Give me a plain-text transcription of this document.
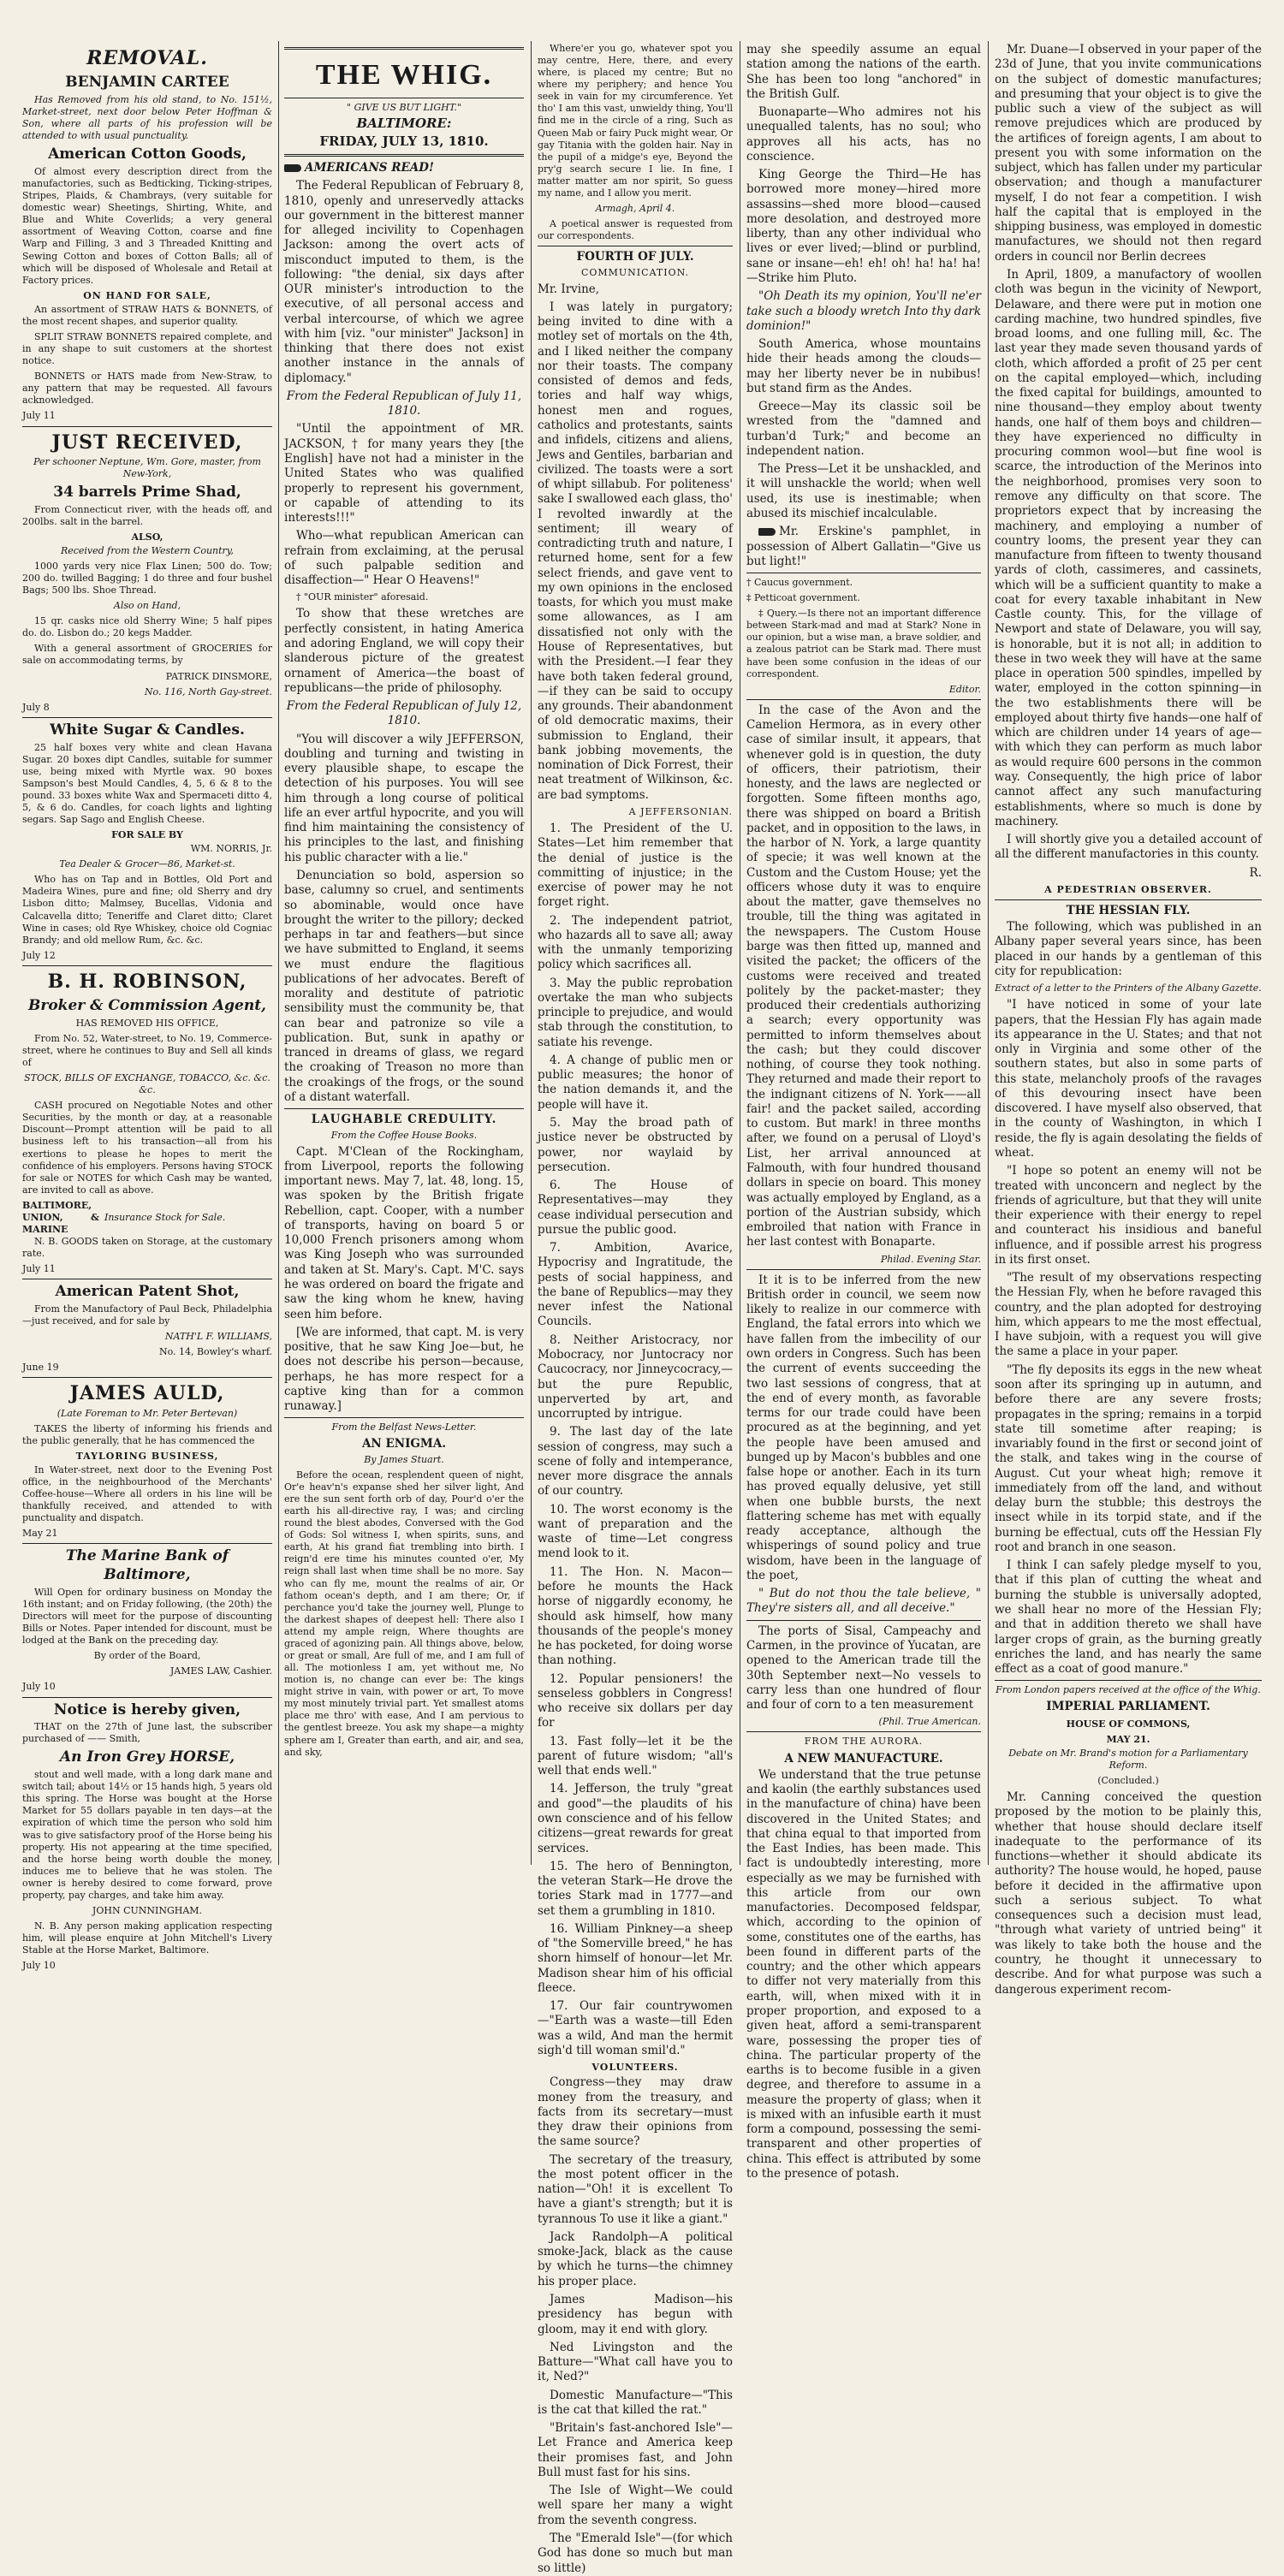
REMOVAL.
BENJAMIN CARTEE

Has Removed from his old stand, to No. 151½, Market-street, next door below Peter Hoffman & Son, where all parts of his profession will be attended to with usual punctuality.

American Cotton Goods,

Of almost every description direct from the manufactories, such as Bedticking, Ticking-stripes, Stripes, Plaids, & Chambrays, (very suitable for domestic wear) Sheetings, Shirting, White, and Blue and White Coverlids; a very general assortment of Weaving Cotton, coarse and fine Warp and Filling, 3 and 3 Threaded Knitting and Sewing Cotton and boxes of Cotton Balls; all of which will be disposed of Wholesale and Retail at Factory prices.

ON HAND FOR SALE,

An assortment of STRAW HATS & BONNETS, of the most recent shapes, and superior quality.

SPLIT STRAW BONNETS repaired complete, and in any shape to suit customers at the shortest notice.

BONNETS or HATS made from New-Straw, to any pattern that may be requested. All favours acknowledged.

July 11

JUST RECEIVED,

Per schooner Neptune, Wm. Gore, master, from New-York,

34 barrels Prime Shad,

From Connecticut river, with the heads off, and 200lbs. salt in the barrel.

ALSO,

Received from the Western Country,

1000 yards very nice Flax Linen; 500 do. Tow; 200 do. twilled Bagging; 1 do three and four bushel Bags; 500 lbs. Shoe Thread.

Also on Hand,

15 qr. casks nice old Sherry Wine; 5 half pipes do. do. Lisbon do.; 20 kegs Madder.

With a general assortment of GROCERIES for sale on accommodating terms, by

PATRICK DINSMORE,

No. 116, North Gay-street.

July 8

White Sugar & Candles.

25 half boxes very white and clean Havana Sugar. 20 boxes dipt Candles, suitable for summer use, being mixed with Myrtle wax. 90 boxes Sampson's best Mould Candles, 4, 5, 6 & 8 to the pound. 33 boxes white Wax and Spermaceti ditto 4, 5, & 6 do. Candles, for coach lights and lighting segars. Sap Sago and English Cheese.

FOR SALE BY

WM. NORRIS, Jr.

Tea Dealer & Grocer—86, Market-st.

Who has on Tap and in Bottles, Old Port and Madeira Wines, pure and fine; old Sherry and dry Lisbon ditto; Malmsey, Bucellas, Vidonia and Calcavella ditto; Teneriffe and Claret ditto; Claret Wine in cases; old Rye Whiskey, choice old Cogniac Brandy; and old mellow Rum, &c. &c.

July 12

B. H. ROBINSON,
Broker & Commission Agent,

HAS REMOVED HIS OFFICE,

From No. 52, Water-street, to No. 19, Commerce-street, where he continues to Buy and Sell all kinds of

STOCK, BILLS OF EXCHANGE, TOBACCO, &c. &c. &c.

CASH procured on Negotiable Notes and other Securities, by the month or day, at a reasonable Discount—Prompt attention will be paid to all business left to his transaction—all from his exertions to please he hopes to merit the confidence of his employers. Persons having STOCK for sale or NOTES for which Cash may be wanted, are invited to call as above.

BALTIMORE, UNION, & MARINE
Insurance Stock for Sale.

N. B. GOODS taken on Storage, at the customary rate.

July 11

American Patent Shot,

From the Manufactory of Paul Beck, Philadelphia—just received, and for sale by

NATH'L F. WILLIAMS,

No. 14, Bowley's wharf.

June 19

JAMES AULD,

(Late Foreman to Mr. Peter Bertevan)

TAKES the liberty of informing his friends and the public generally, that he has commenced the

TAYLORING BUSINESS,

In Water-street, next door to the Evening Post office, in the neighbourhood of the Merchants' Coffee-house—Where all orders in his line will be thankfully received, and attended to with punctuality and dispatch.

May 21

The Marine Bank of Baltimore,

Will Open for ordinary business on Monday the 16th instant; and on Friday following, (the 20th) the Directors will meet for the purpose of discounting Bills or Notes. Paper intended for discount, must be lodged at the Bank on the preceding day.

By order of the Board,

JAMES LAW, Cashier.

July 10

Notice is hereby given,

THAT on the 27th of June last, the subscriber purchased of —— Smith,

An Iron Grey HORSE,

stout and well made, with a long dark mane and switch tail; about 14½ or 15 hands high, 5 years old this spring. The Horse was bought at the Horse Market for 55 dollars payable in ten days—at the expiration of which time the person who sold him was to give satisfactory proof of the Horse being his property. His not appearing at the time specified, and the horse being worth double the money, induces me to believe that he was stolen. The owner is hereby desired to come forward, prove property, pay charges, and take him away.

JOHN CUNNINGHAM.

N. B. Any person making application respecting him, will please enquire at John Mitchell's Livery Stable at the Horse Market, Baltimore.

July 10

THE WHIG.
" GIVE US BUT LIGHT."
BALTIMORE:
FRIDAY, JULY 13, 1810.

AMERICANS READ!

The Federal Republican of February 8, 1810, openly and unreservedly attacks our government in the bitterest manner for alleged incivility to Copenhagen Jackson: among the overt acts of misconduct imputed to them, is the following: "the denial, six days after OUR minister's introduction to the executive, of all personal access and verbal intercourse, of which we agree with him [viz. "our minister" Jackson] in thinking that there does not exist another instance in the annals of diplomacy."

From the Federal Republican of July 11, 1810.

"Until the appointment of MR. JACKSON, † for many years they [the English] have not had a minister in the United States who was qualified properly to represent his government, or capable of attending to its interests!!!"

Who—what republican American can refrain from exclaiming, at the perusal of such palpable sedition and disaffection—" Hear O Heavens!"

† "OUR minister" aforesaid.

To show that these wretches are perfectly consistent, in hating America and adoring England, we will copy their slanderous picture of the greatest ornament of America—the boast of republicans—the pride of philosophy.

From the Federal Republican of July 12, 1810.

"You will discover a wily JEFFERSON, doubling and turning and twisting in every plausible shape, to escape the detection of his purposes. You will see him through a long course of political life an ever artful hypocrite, and you will find him maintaining the consistency of his principles to the last, and finishing his public character with a lie."

Denunciation so bold, aspersion so base, calumny so cruel, and sentiments so abominable, would once have brought the writer to the pillory; decked perhaps in tar and feathers—but since we have submitted to England, it seems we must endure the flagitious publications of her advocates. Bereft of morality and destitute of patriotic sensibility must the community be, that can bear and patronize so vile a publication. But, sunk in apathy or tranced in dreams of glass, we regard the croaking of Treason no more than the croakings of the frogs, or the sound of a distant waterfall.

LAUGHABLE CREDULITY.

From the Coffee House Books.

Capt. M'Clean of the Rockingham, from Liverpool, reports the following important news. May 7, lat. 48, long. 15, was spoken by the British frigate Rebellion, capt. Cooper, with a number of transports, having on board 5 or 10,000 French prisoners among whom was King Joseph who was surrounded and taken at St. Mary's. Capt. M'C. says he was ordered on board the frigate and saw the king whom he knew, having seen him before.

[We are informed, that capt. M. is very positive, that he saw King Joe—but, he does not describe his person—because, perhaps, he has more respect for a captive king than for a common runaway.]

From the Belfast News-Letter.

AN ENIGMA.

By James Stuart.

Before the ocean, resplendent queen of night, Or'e heav'n's expanse shed her silver light, And ere the sun sent forth orb of day, Pour'd o'er the earth his all-directive ray, I was; and circling round the blest abodes, Conversed with the God of Gods: Sol witness I, when spirits, suns, and earth, At his grand fiat trembling into birth. I reign'd ere time his minutes counted o'er, My reign shall last when time shall be no more. Say who can fly me, mount the realms of air, Or fathom ocean's depth, and I am there; Or, if perchance you'd take the journey well, Plunge to the darkest shapes of deepest hell: There also I attend my ample reign, Where thoughts are graced of agonizing pain. All things above, below, or great or small, Are full of me, and I am full of all. The motionless I am, yet without me, No motion is, no change can ever be: The kings might strive in vain, with power or art, To move my most minutely trivial part. Yet smallest atoms place me thro' with ease, And I am pervious to the gentlest breeze. You ask my shape—a mighty sphere am I, Greater than earth, and air, and sea, and sky,

Where'er you go, whatever spot you may centre, Here, there, and every where, is placed my centre; But no where my periphery; and hence You seek in vain for my circumference. Yet tho' I am this vast, unwieldy thing, You'll find me in the circle of a ring, Such as Queen Mab or fairy Puck might wear, Or gay Titania with the golden hair. Nay in the pupil of a midge's eye, Beyond the pry'g search secure I lie. In fine, I matter matter am nor spirit, So guess my name, and I allow you merit.

Armagh, April 4.

A poetical answer is requested from our correspondents.

FOURTH OF JULY.

COMMUNICATION.

Mr. Irvine,

I was lately in purgatory; being invited to dine with a motley set of mortals on the 4th, and I liked neither the company nor their toasts. The company consisted of demos and feds, tories and half way whigs, honest men and rogues, catholics and protestants, saints and infidels, citizens and aliens, Jews and Gentiles, barbarian and civilized. The toasts were a sort of whipt sillabub. For politeness' sake I swallowed each glass, tho' I revolted inwardly at the sentiment; ill weary of contradicting truth and nature, I returned home, sent for a few select friends, and gave vent to my own opinions in the enclosed toasts, for which you must make some allowances, as I am dissatisfied not only with the House of Representatives, but with the President.—I fear they have both taken federal ground,—if they can be said to occupy any grounds. Their abandonment of old democratic maxims, their submission to England, their bank jobbing movements, the nomination of Dick Forrest, their neat treatment of Wilkinson, &c. are bad symptoms.

A JEFFERSONIAN.

1. The President of the U. States—Let him remember that the denial of justice is the committing of injustice; in the exercise of power may he not forget right.

2. The independent patriot, who hazards all to save all; away with the unmanly temporizing policy which sacrifices all.

3. May the public reprobation overtake the man who subjects principle to prejudice, and would stab through the constitution, to satiate his revenge.

4. A change of public men or public measures; the honor of the nation demands it, and the people will have it.

5. May the broad path of justice never be obstructed by power, nor waylaid by persecution.

6. The House of Representatives—may they cease individual persecution and pursue the public good.

7. Ambition, Avarice, Hypocrisy and Ingratitude, the pests of social happiness, and the bane of Republics—may they never infest the National Councils.

8. Neither Aristocracy, nor Mobocracy, nor Juntocracy nor Caucocracy, nor Jinneycocracy,—but the pure Republic, unperverted by art, and uncorrupted by intrigue.

9. The last day of the late session of congress, may such a scene of folly and intemperance, never more disgrace the annals of our country.

10. The worst economy is the want of preparation and the waste of time—Let congress mend look to it.

11. The Hon. N. Macon—before he mounts the Hack horse of niggardly economy, he should ask himself, how many thousands of the people's money he has pocketed, for doing worse than nothing.

12. Popular pensioners! the senseless gobblers in Congress! who receive six dollars per day for

13. Fast folly—let it be the parent of future wisdom; "all's well that ends well."

14. Jefferson, the truly "great and good"—the plaudits of his own conscience and of his fellow citizens—great rewards for great services.

15. The hero of Bennington, the veteran Stark—He drove the tories Stark mad in 1777—and set them a grumbling in 1810.

16. William Pinkney—a sheep of "the Somerville breed," he has shorn himself of honour—let Mr. Madison shear him of his official fleece.

17. Our fair countrywomen—"Earth was a waste—till Eden was a wild, And man the hermit sigh'd till woman smil'd."

VOLUNTEERS.

Congress—they may draw money from the treasury, and facts from its secretary—must they draw their opinions from the same source?

The secretary of the treasury, the most potent officer in the nation—"Oh! it is excellent To have a giant's strength; but it is tyrannous To use it like a giant."

Jack Randolph—A political smoke-Jack, black as the cause by which he turns—the chimney his proper place.

James Madison—his presidency has begun with gloom, may it end with glory.

Ned Livingston and the Batture—"What call have you to it, Ned?"

Domestic Manufacture—"This is the cat that killed the rat."

"Britain's fast-anchored Isle"—Let France and America keep their promises fast, and John Bull must fast for his sins.

The Isle of Wight—We could well spare her many a wight from the seventh congress.

The "Emerald Isle"—(for which God has done so much but man so little)

may she speedily assume an equal station among the nations of the earth. She has been too long "anchored" in the British Gulf.

Buonaparte—Who admires not his unequalled talents, has no soul; who approves all his acts, has no conscience.

King George the Third—He has borrowed more money—hired more assassins—shed more blood—caused more desolation, and destroyed more liberty, than any other individual who lives or ever lived;—blind or purblind, sane or insane—eh! eh! oh! ha! ha! ha!—Strike him Pluto.

"Oh Death its my opinion, You'll ne'er take such a bloody wretch Into thy dark dominion!"

South America, whose mountains hide their heads among the clouds—may her liberty never be in nubibus! but stand firm as the Andes.

Greece—May its classic soil be wrested from the "damned and turban'd Turk;" and become an independent nation.

The Press—Let it be unshackled, and it will unshackle the world; when well used, its use is inestimable; when abused its mischief incalculable.

Mr. Erskine's pamphlet, in possession of Albert Gallatin—"Give us but light!"

† Caucus government.

‡ Petticoat government.

‡ Query.—Is there not an important difference between Stark-mad and mad at Stark? None in our opinion, but a wise man, a brave soldier, and a zealous patriot can be Stark mad. There must have been some confusion in the ideas of our correspondent.

Editor.

In the case of the Avon and the Camelion Hermora, as in every other case of similar insult, it appears, that whenever gold is in question, the duty of officers, their patriotism, their honesty, and the laws are neglected or forgotten. Some fifteen months ago, there was shipped on board a British packet, and in opposition to the laws, in the harbor of N. York, a large quantity of specie; it was well known at the Custom and the Custom House; yet the officers whose duty it was to enquire about the matter, gave themselves no trouble, till the thing was agitated in the newspapers. The Custom House barge was then fitted up, manned and visited the packet; the officers of the customs were received and treated politely by the packet-master; they produced their credentials authorizing a search; every opportunity was permitted to inform themselves about the cash; but they could discover nothing, of course they took nothing. They returned and made their report to the indignant citizens of N. York——all fair! and the packet sailed, according to custom. But mark! in three months after, we found on a perusal of Lloyd's List, her arrival announced at Falmouth, with four hundred thousand dollars in specie on board. This money was actually employed by England, as a portion of the Austrian subsidy, which embroiled that nation with France in her last contest with Bonaparte.

Philad. Evening Star.

It it is to be inferred from the new British order in council, we seem now likely to realize in our commerce with England, the fatal errors into which we have fallen from the imbecility of our own orders in Congress. Such has been the current of events succeeding the two last sessions of congress, that at the end of every month, as favorable terms for our trade could have been procured as at the beginning, and yet the people have been amused and bunged up by Macon's bubbles and one false hope or another. Each in its turn has proved equally delusive, yet still when one bubble bursts, the next flattering scheme has met with equally ready acceptance, although the whisperings of sound policy and true wisdom, have been in the language of the poet,

" But do not thou the tale believe, " They're sisters all, and all deceive."

The ports of Sisal, Campeachy and Carmen, in the province of Yucatan, are opened to the American trade till the 30th September next—No vessels to carry less than one hundred of flour and four of corn to a ten measurement

(Phil. True American.

FROM THE AURORA.

A NEW MANUFACTURE.

We understand that the true petunse and kaolin (the earthly substances used in the manufacture of china) have been discovered in the United States; and that china equal to that imported from the East Indies, has been made. This fact is undoubtedly interesting, more especially as we may be furnished with this article from our own manufactories. Decomposed feldspar, which, according to the opinion of some, constitutes one of the earths, has been found in different parts of the country; and the other which appears to differ not very materially from this earth, will, when mixed with it in proper proportion, and exposed to a given heat, afford a semi-transparent ware, possessing the proper ties of china. The particular property of the earths is to become fusible in a given degree, and therefore to assume in a measure the property of glass; when it is mixed with an infusible earth it must form a compound, possessing the semi-transparent and other properties of china. This effect is attributed by some to the presence of potash.

Mr. Duane—I observed in your paper of the 23d of June, that you invite communications on the subject of domestic manufactures; and presuming that your object is to give the public such a view of the subject as will remove prejudices which are produced by the artifices of foreign agents, I am about to present you with some information on the subject, which has fallen under my particular observation; and though a manufacturer myself, I do not fear a competition. I wish half the capital that is employed in the shipping business, was employed in domestic manufactures, we should not then regard orders in council nor Berlin decrees

In April, 1809, a manufactory of woollen cloth was begun in the vicinity of Newport, Delaware, and there were put in motion one carding machine, two hundred spindles, five broad looms, and one fulling mill, &c. The last year they made seven thousand yards of cloth, which afforded a profit of 25 per cent on the capital employed—which, including the fixed capital for buildings, amounted to nine thousand—they employ about twenty hands, one half of them boys and children—they have experienced no difficulty in procuring common wool—but fine wool is scarce, the introduction of the Merinos into the neighborhood, promises very soon to remove any difficulty on that score. The proprietors expect that by increasing the machinery, and employing a number of country looms, the present year they can manufacture from fifteen to twenty thousand yards of cloth, cassimeres, and cassinets, which will be a sufficient quantity to make a coat for every taxable inhabitant in New Castle county. This, for the village of Newport and state of Delaware, you will say, is honorable, but it is not all; in addition to these in two week they will have at the same place in operation 500 spindles, impelled by water, employed in the cotton spinning—in the two establishments there will be employed about thirty five hands—one half of which are children under 14 years of age—with which they can perform as much labor as would require 600 persons in the common way. Consequently, the high price of labor cannot affect any such manufacturing establishments, where so much is done by machinery.

I will shortly give you a detailed account of all the different manufactories in this county.

R.

A PEDESTRIAN OBSERVER.
THE HESSIAN FLY.

The following, which was published in an Albany paper several years since, has been placed in our hands by a gentleman of this city for republication:

Extract of a letter to the Printers of the Albany Gazette.

"I have noticed in some of your late papers, that the Hessian Fly has again made its appearance in the U. States; and that not only in Virginia and some other of the southern states, but also in some parts of this state, melancholy proofs of the ravages of this devouring insect have been discovered. I have myself also observed, that in the county of Washington, in which I reside, the fly is again desolating the fields of wheat.

"I hope so potent an enemy will not be treated with unconcern and neglect by the friends of agriculture, but that they will unite their experience with their energy to repel and counteract his insidious and baneful influence, and if possible arrest his progress in its first onset.

"The result of my observations respecting the Hessian Fly, when he before ravaged this country, and the plan adopted for destroying him, which appears to me the most effectual, I have subjoin, with a request you will give the same a place in your paper.

"The fly deposits its eggs in the new wheat soon after its springing up in autumn, and before there are any severe frosts; propagates in the spring; remains in a torpid state till sometime after reaping; is invariably found in the first or second joint of the stalk, and takes wing in the course of August. Cut your wheat high; remove it immediately from off the land, and without delay burn the stubble; this destroys the insect while in its torpid state, and if the burning be effectual, cuts off the Hessian Fly root and branch in one season.

I think I can safely pledge myself to you, that if this plan of cutting the wheat and burning the stubble is universally adopted, we shall hear no more of the Hessian Fly; and that in addition thereto we shall have larger crops of grain, as the burning greatly enriches the land, and has nearly the same effect as a coat of good manure."

From London papers received at the office of the Whig.

IMPERIAL PARLIAMENT.
HOUSE OF COMMONS,
MAY 21.

Debate on Mr. Brand's motion for a Parliamentary Reform.

(Concluded.)

Mr. Canning conceived the question proposed by the motion to be plainly this, whether that house should declare itself inadequate to the performance of its functions—whether it should abdicate its authority? The house would, he hoped, pause before it decided in the affirmative upon such a serious subject. To what consequences such a decision must lead, "through what variety of untried being" it was likely to take both the house and the country, he thought it unnecessary to describe. And for what purpose was such a dangerous experiment recom-
